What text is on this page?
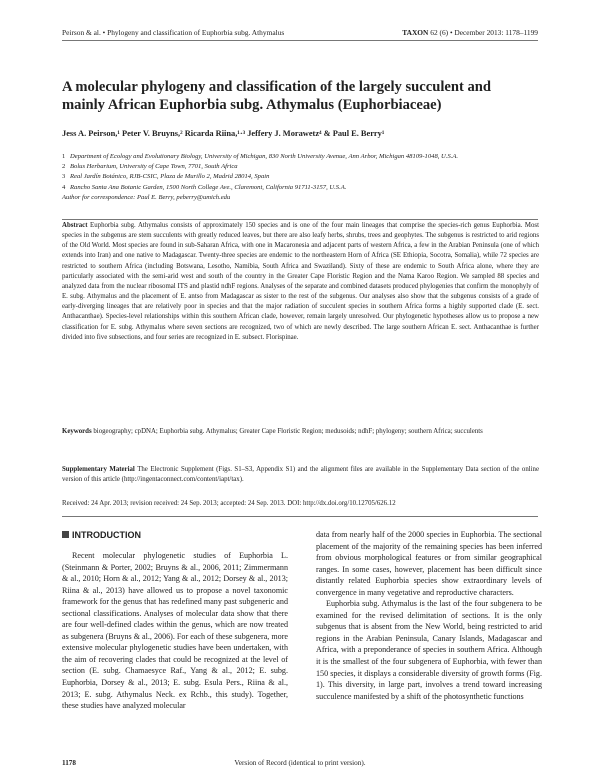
Peirson & al. • Phylogeny and classification of Euphorbia subg. Athymalus	TAXON 62 (6) • December 2013: 1178–1199
A molecular phylogeny and classification of the largely succulent and mainly African Euphorbia subg. Athymalus (Euphorbiaceae)
Jess A. Peirson,¹ Peter V. Bruyns,² Ricarda Riina,¹·³ Jeffery J. Morawetz⁴ & Paul E. Berry¹
1 Department of Ecology and Evolutionary Biology, University of Michigan, 830 North University Avenue, Ann Arbor, Michigan 48109-1048, U.S.A.
2 Bolus Herbarium, University of Cape Town, 7701, South Africa
3 Real Jardín Botánico, RJB-CSIC, Plaza de Murillo 2, Madrid 28014, Spain
4 Rancho Santa Ana Botanic Garden, 1500 North College Ave., Claremont, California 91711-3157, U.S.A.
Author for correspondence: Paul E. Berry, peberry@umich.edu
Abstract Euphorbia subg. Athymalus consists of approximately 150 species and is one of the four main lineages that comprise the species-rich genus Euphorbia. Most species in the subgenus are stem succulents with greatly reduced leaves, but there are also leafy herbs, shrubs, trees and geophytes. The subgenus is restricted to arid regions of the Old World. Most species are found in sub-Saharan Africa, with one in Macaronesia and adjacent parts of western Africa, a few in the Arabian Peninsula (one of which extends into Iran) and one native to Madagascar. Twenty-three species are endemic to the northeastern Horn of Africa (SE Ethiopia, Socotra, Somalia), while 72 species are restricted to southern Africa (including Botswana, Lesotho, Namibia, South Africa and Swaziland). Sixty of these are endemic to South Africa alone, where they are particularly associated with the semi-arid west and south of the country in the Greater Cape Floristic Region and the Nama Karoo Region. We sampled 88 species and analyzed data from the nuclear ribosomal ITS and plastid ndhF regions. Analyses of the separate and combined datasets produced phylogenies that confirm the monophyly of E. subg. Athymalus and the placement of E. antso from Madagascar as sister to the rest of the subgenus. Our analyses also show that the subgenus consists of a grade of early-diverging lineages that are relatively poor in species and that the major radiation of succulent species in southern Africa forms a highly supported clade (E. sect. Anthacanthae). Species-level relationships within this southern African clade, however, remain largely unresolved. Our phylogenetic hypotheses allow us to propose a new classification for E. subg. Athymalus where seven sections are recognized, two of which are newly described. The large southern African E. sect. Anthacanthae is further divided into five subsections, and four series are recognized in E. subsect. Florispinae.
Keywords biogeography; cpDNA; Euphorbia subg. Athymalus; Greater Cape Floristic Region; medusoids; ndhF; phylogeny; southern Africa; succulents
Supplementary Material The Electronic Supplement (Figs. S1–S3, Appendix S1) and the alignment files are available in the Supplementary Data section of the online version of this article (http://ingentaconnect.com/content/iapt/tax).
Received: 24 Apr. 2013; revision received: 24 Sep. 2013; accepted: 24 Sep. 2013. DOI: http://dx.doi.org/10.12705/626.12
INTRODUCTION

Recent molecular phylogenetic studies of Euphorbia L. (Steinmann & Porter, 2002; Bruyns & al., 2006, 2011; Zimmermann & al., 2010; Horn & al., 2012; Yang & al., 2012; Dorsey & al., 2013; Riina & al., 2013) have allowed us to propose a novel taxonomic framework for the genus that has redefined many past subgeneric and sectional classifications. Analyses of molecular data show that there are four well-defined clades within the genus, which are now treated as subgenera (Bruyns & al., 2006). For each of these subgenera, more extensive molecular phylogenetic studies have been undertaken, with the aim of recovering clades that could be recognized at the level of section (E. subg. Chamaesyce Raf., Yang & al., 2012; E. subg. Euphorbia, Dorsey & al., 2013; E. subg. Esula Pers., Riina & al., 2013; E. subg. Athymalus Neck. ex Rchb., this study). Together, these studies have analyzed molecular

data from nearly half of the 2000 species in Euphorbia. The sectional placement of the majority of the remaining species has been inferred from obvious morphological features or from similar geographical ranges. In some cases, however, placement has been difficult since distantly related Euphorbia species show extraordinary levels of convergence in many vegetative and reproductive characters.

Euphorbia subg. Athymalus is the last of the four subgenera to be examined for the revised delimitation of sections. It is the only subgenus that is absent from the New World, being restricted to arid regions in the Arabian Peninsula, Canary Islands, Madagascar and Africa, with a preponderance of species in southern Africa. Although it is the smallest of the four subgenera of Euphorbia, with fewer than 150 species, it displays a considerable diversity of growth forms (Fig. 1). This diversity, in large part, involves a trend toward increasing succulence manifested by a shift of the photosynthetic functions

1178	Version of Record (identical to print version).
